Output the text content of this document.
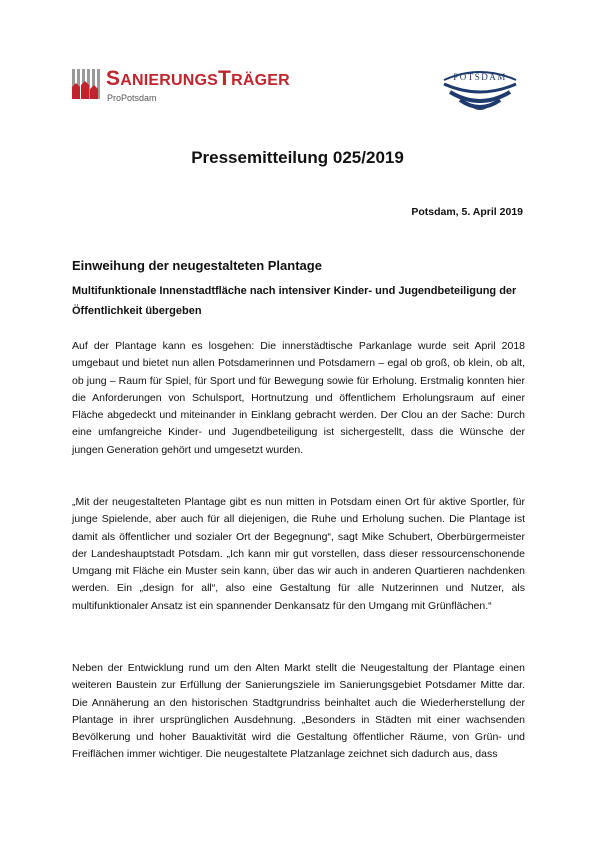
SANIERUNGSTRÄGER
ProPotsdam
POTSDAM
Pressemitteilung 025/2019
Potsdam, 5. April 2019
Einweihung der neugestalteten Plantage
Multifunktionale Innenstadtfläche nach intensiver Kinder- und Jugendbeteiligung der Öffentlichkeit übergeben
Auf der Plantage kann es losgehen: Die innerstädtische Parkanlage wurde seit April 2018 umgebaut und bietet nun allen Potsdamerinnen und Potsdamern – egal ob groß, ob klein, ob alt, ob jung – Raum für Spiel, für Sport und für Bewegung sowie für Erholung. Erstmalig konnten hier die Anforderungen von Schulsport, Hortnutzung und öffentlichem Erholungsraum auf einer Fläche abgedeckt und miteinander in Einklang gebracht werden. Der Clou an der Sache: Durch eine umfangreiche Kinder- und Jugendbeteiligung ist sichergestellt, dass die Wünsche der jungen Generation gehört und umgesetzt wurden.
„Mit der neugestalteten Plantage gibt es nun mitten in Potsdam einen Ort für aktive Sportler, für junge Spielende, aber auch für all diejenigen, die Ruhe und Erholung suchen. Die Plantage ist damit als öffentlicher und sozialer Ort der Begegnung“, sagt Mike Schubert, Oberbürgermeister der Landeshauptstadt Potsdam. „Ich kann mir gut vorstellen, dass dieser ressourcenschonende Umgang mit Fläche ein Muster sein kann, über das wir auch in anderen Quartieren nachdenken werden. Ein „design for all“, also eine Gestaltung für alle Nutzerinnen und Nutzer, als multifunktionaler Ansatz ist ein spannender Denkansatz für den Umgang mit Grünflächen.“
Neben der Entwicklung rund um den Alten Markt stellt die Neugestaltung der Plantage einen weiteren Baustein zur Erfüllung der Sanierungsziele im Sanierungsgebiet Potsdamer Mitte dar. Die Annäherung an den historischen Stadtgrundriss beinhaltet auch die Wiederherstellung der Plantage in ihrer ursprünglichen Ausdehnung. „Besonders in Städten mit einer wachsenden Bevölkerung und hoher Bauaktivität wird die Gestaltung öffentlicher Räume, von Grün- und Freiflächen immer wichtiger. Die neugestaltete Platzanlage zeichnet sich dadurch aus, dass
